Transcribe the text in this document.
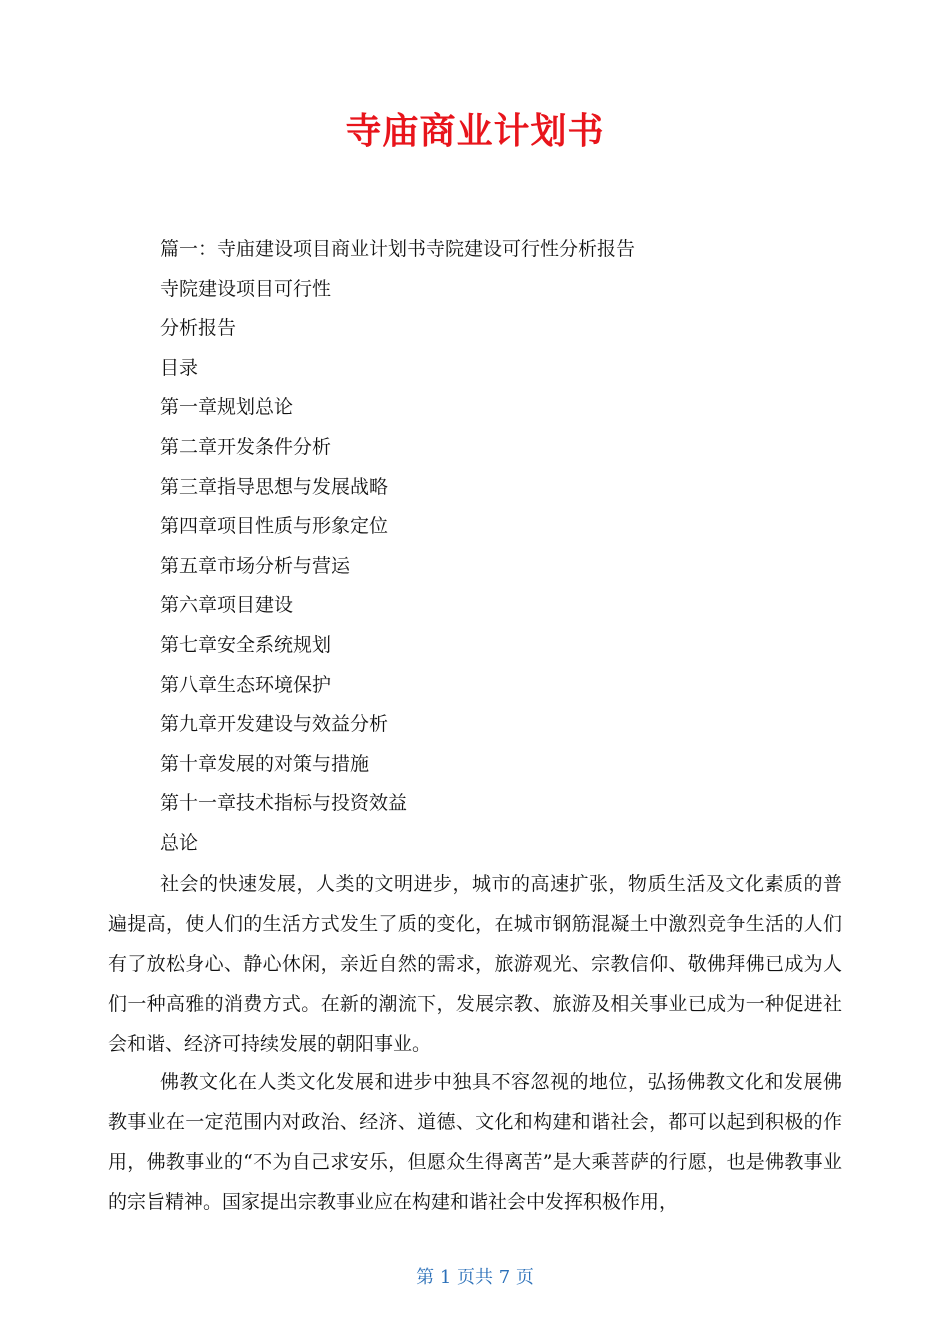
寺庙商业计划书
篇一：寺庙建设项目商业计划书寺院建设可行性分析报告
寺院建设项目可行性
分析报告
目录
第一章规划总论
第二章开发条件分析
第三章指导思想与发展战略
第四章项目性质与形象定位
第五章市场分析与营运
第六章项目建设
第七章安全系统规划
第八章生态环境保护
第九章开发建设与效益分析
第十章发展的对策与措施
第十一章技术指标与投资效益
总论

社会的快速发展，人类的文明进步，城市的高速扩张，物质生活及文化素质的普遍提高，使人们的生活方式发生了质的变化，在城市钢筋混凝土中激烈竞争生活的人们有了放松身心、静心休闲，亲近自然的需求，旅游观光、宗教信仰、敬佛拜佛已成为人们一种高雅的消费方式。在新的潮流下，发展宗教、旅游及相关事业已成为一种促进社会和谐、经济可持续发展的朝阳事业。

佛教文化在人类文化发展和进步中独具不容忽视的地位，弘扬佛教文化和发展佛教事业在一定范围内对政治、经济、道德、文化和构建和谐社会，都可以起到积极的作用，佛教事业的“不为自己求安乐，但愿众生得离苦”是大乘菩萨的行愿，也是佛教事业的宗旨精神。国家提出宗教事业应在构建和谐社会中发挥积极作用，

第 1 页共 7 页
